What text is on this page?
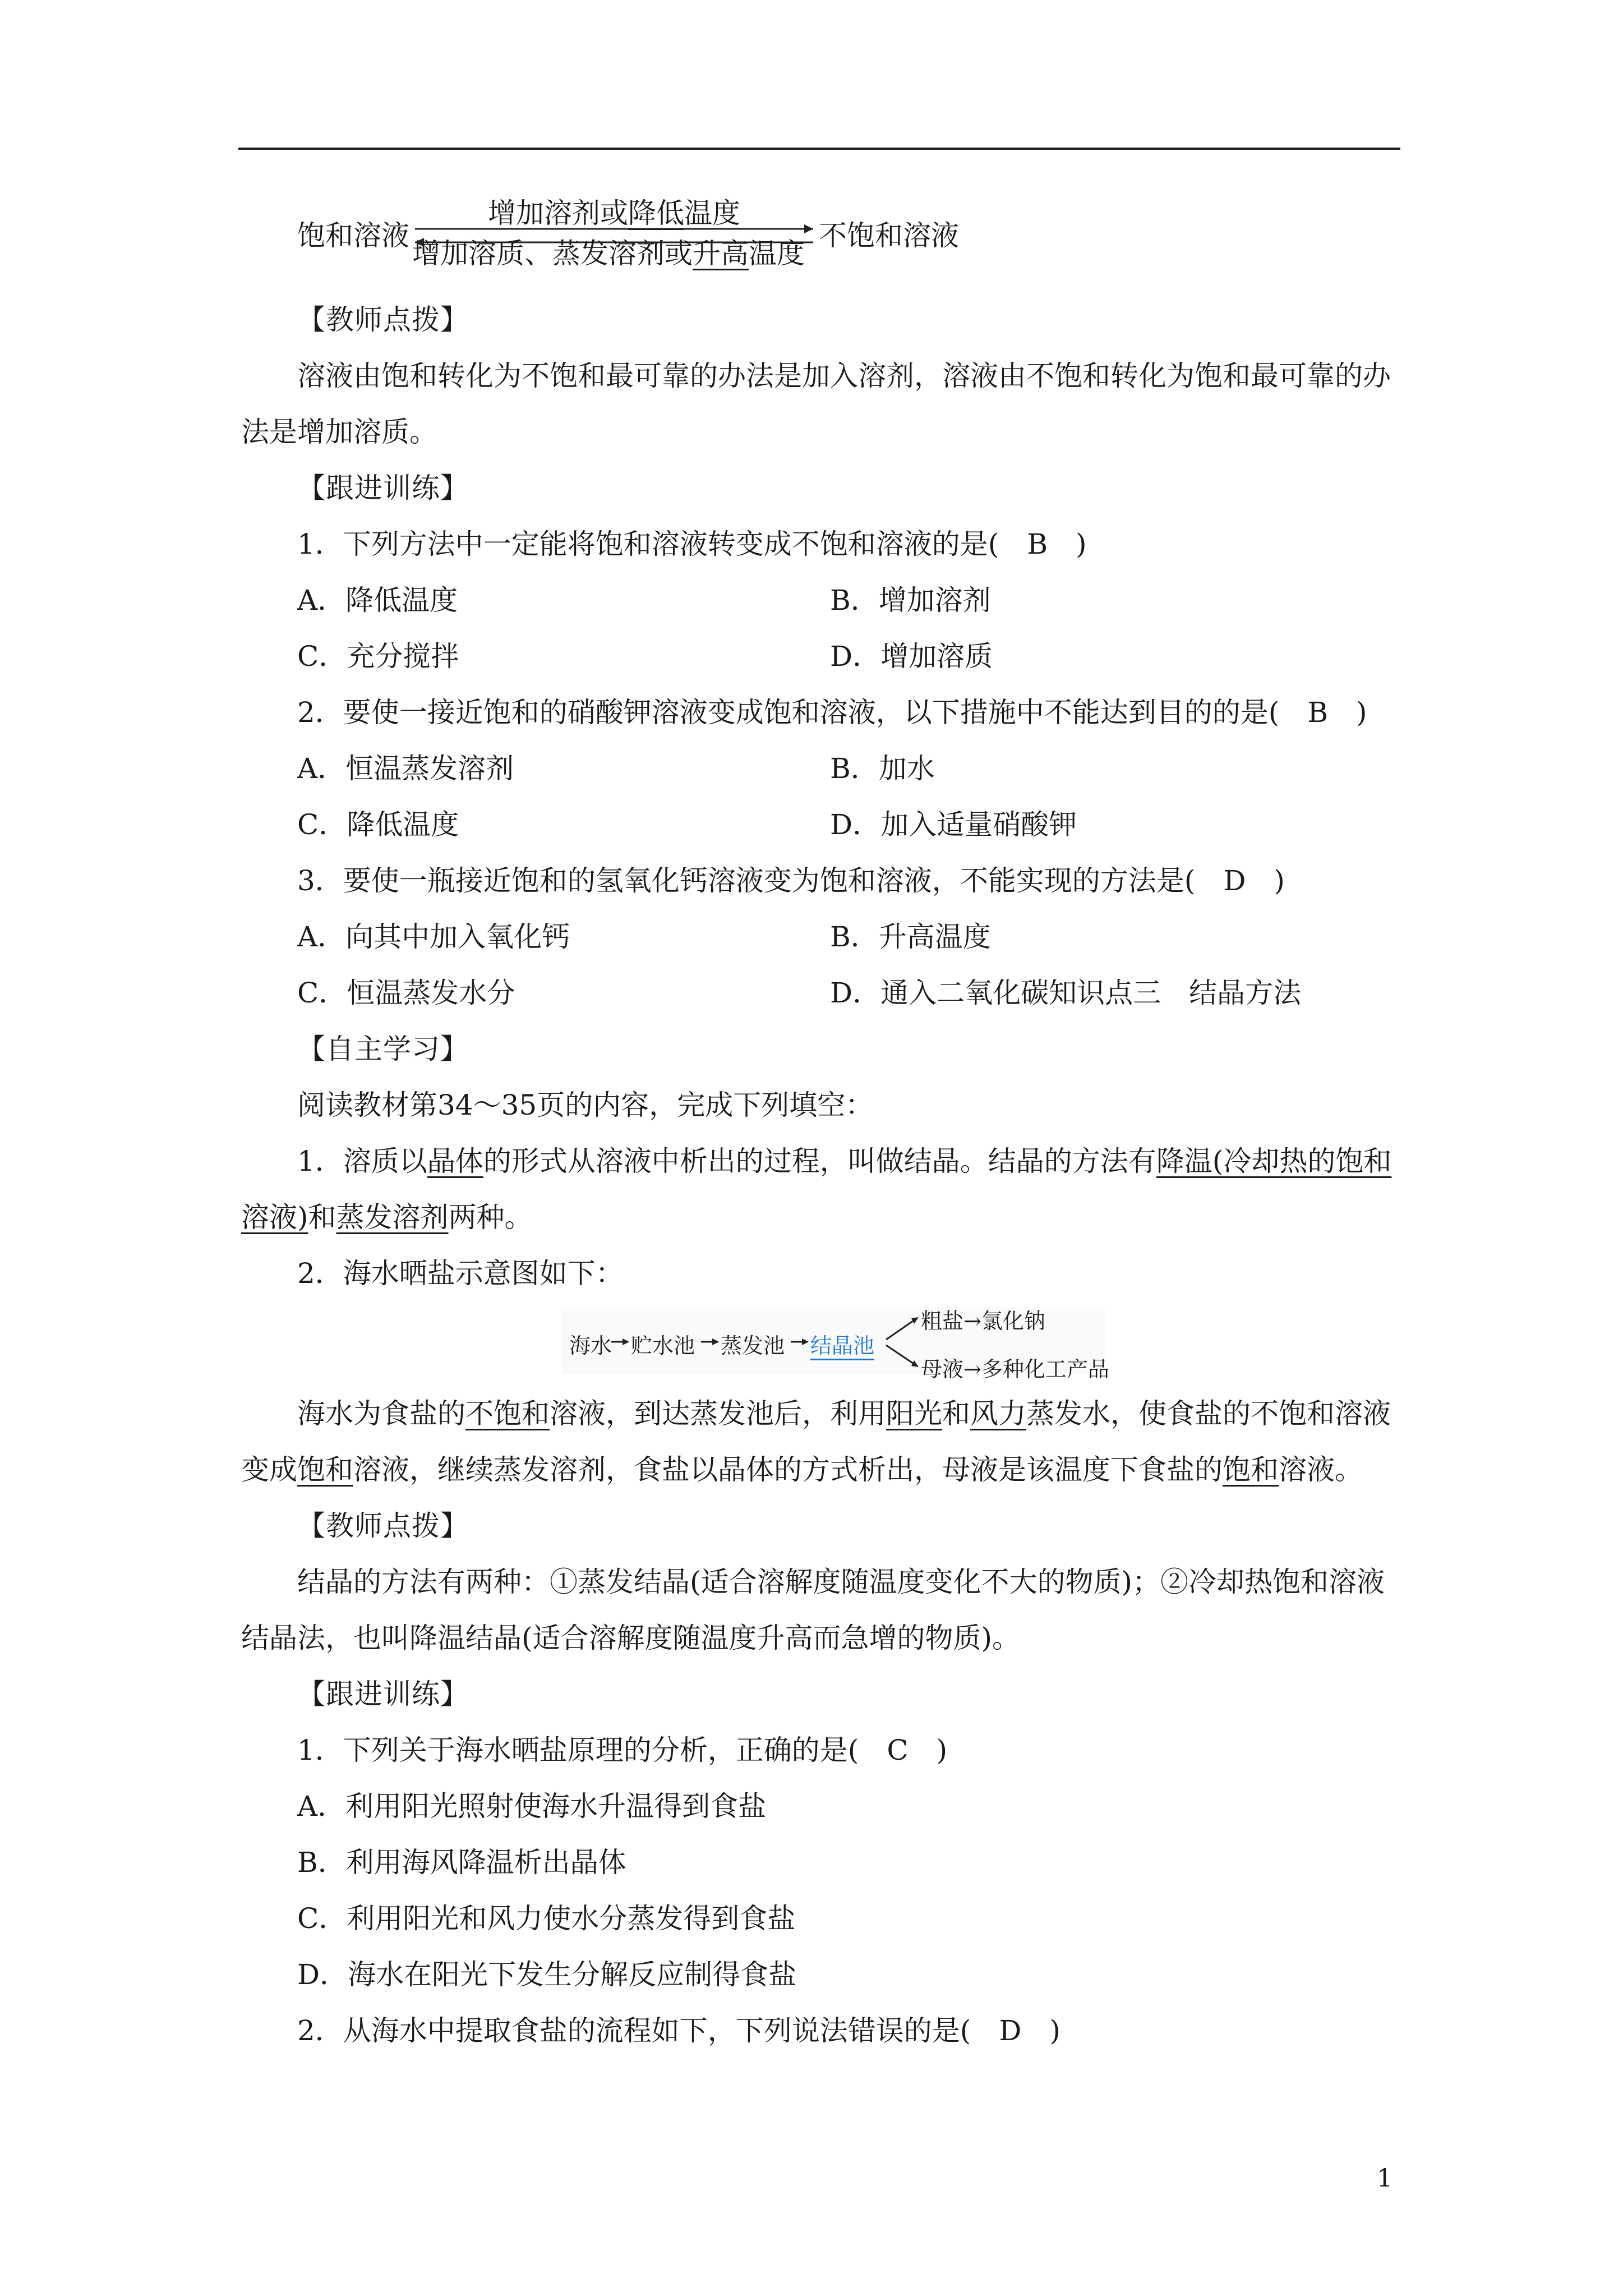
饱和溶液
增加溶剂或降低温度
增加溶质、蒸发溶剂或升高温度
不饱和溶液
【教师点拨】

溶液由饱和转化为不饱和最可靠的办法是加入溶剂，溶液由不饱和转化为饱和最可靠的办法是增加溶质。

【跟进训练】
1．下列方法中一定能将饱和溶液转变成不饱和溶液的是(　B　)
A．降低温度	B．增加溶剂
C．充分搅拌	D．增加溶质
2．要使一接近饱和的硝酸钾溶液变成饱和溶液，以下措施中不能达到目的的是(　B　)
A．恒温蒸发溶剂	B．加水
C．降低温度	D．加入适量硝酸钾
3．要使一瓶接近饱和的氢氧化钙溶液变为饱和溶液，不能实现的方法是(　D　)
A．向其中加入氧化钙	B．升高温度
C．恒温蒸发水分	D．通入二氧化碳知识点三　结晶方法
【自主学习】
阅读教材第34～35页的内容，完成下列填空：

1．溶质以晶体的形式从溶液中析出的过程，叫做结晶。结晶的方法有降温(冷却热的饱和溶液)和蒸发溶剂两种。

2．海水晒盐示意图如下：
海水 贮水池 蒸发池 结晶池
粗盐→氯化钠
母液→多种化工产品

海水为食盐的不饱和溶液，到达蒸发池后，利用阳光和风力蒸发水，使食盐的不饱和溶液变成饱和溶液，继续蒸发溶剂，食盐以晶体的方式析出，母液是该温度下食盐的饱和溶液。

【教师点拨】

结晶的方法有两种：①蒸发结晶(适合溶解度随温度变化不大的物质)；②冷却热饱和溶液结晶法，也叫降温结晶(适合溶解度随温度升高而急增的物质)。

【跟进训练】
1．下列关于海水晒盐原理的分析，正确的是(　C　)
A．利用阳光照射使海水升温得到食盐
B．利用海风降温析出晶体
C．利用阳光和风力使水分蒸发得到食盐
D．海水在阳光下发生分解反应制得食盐
2．从海水中提取食盐的流程如下，下列说法错误的是(　D　)
1
